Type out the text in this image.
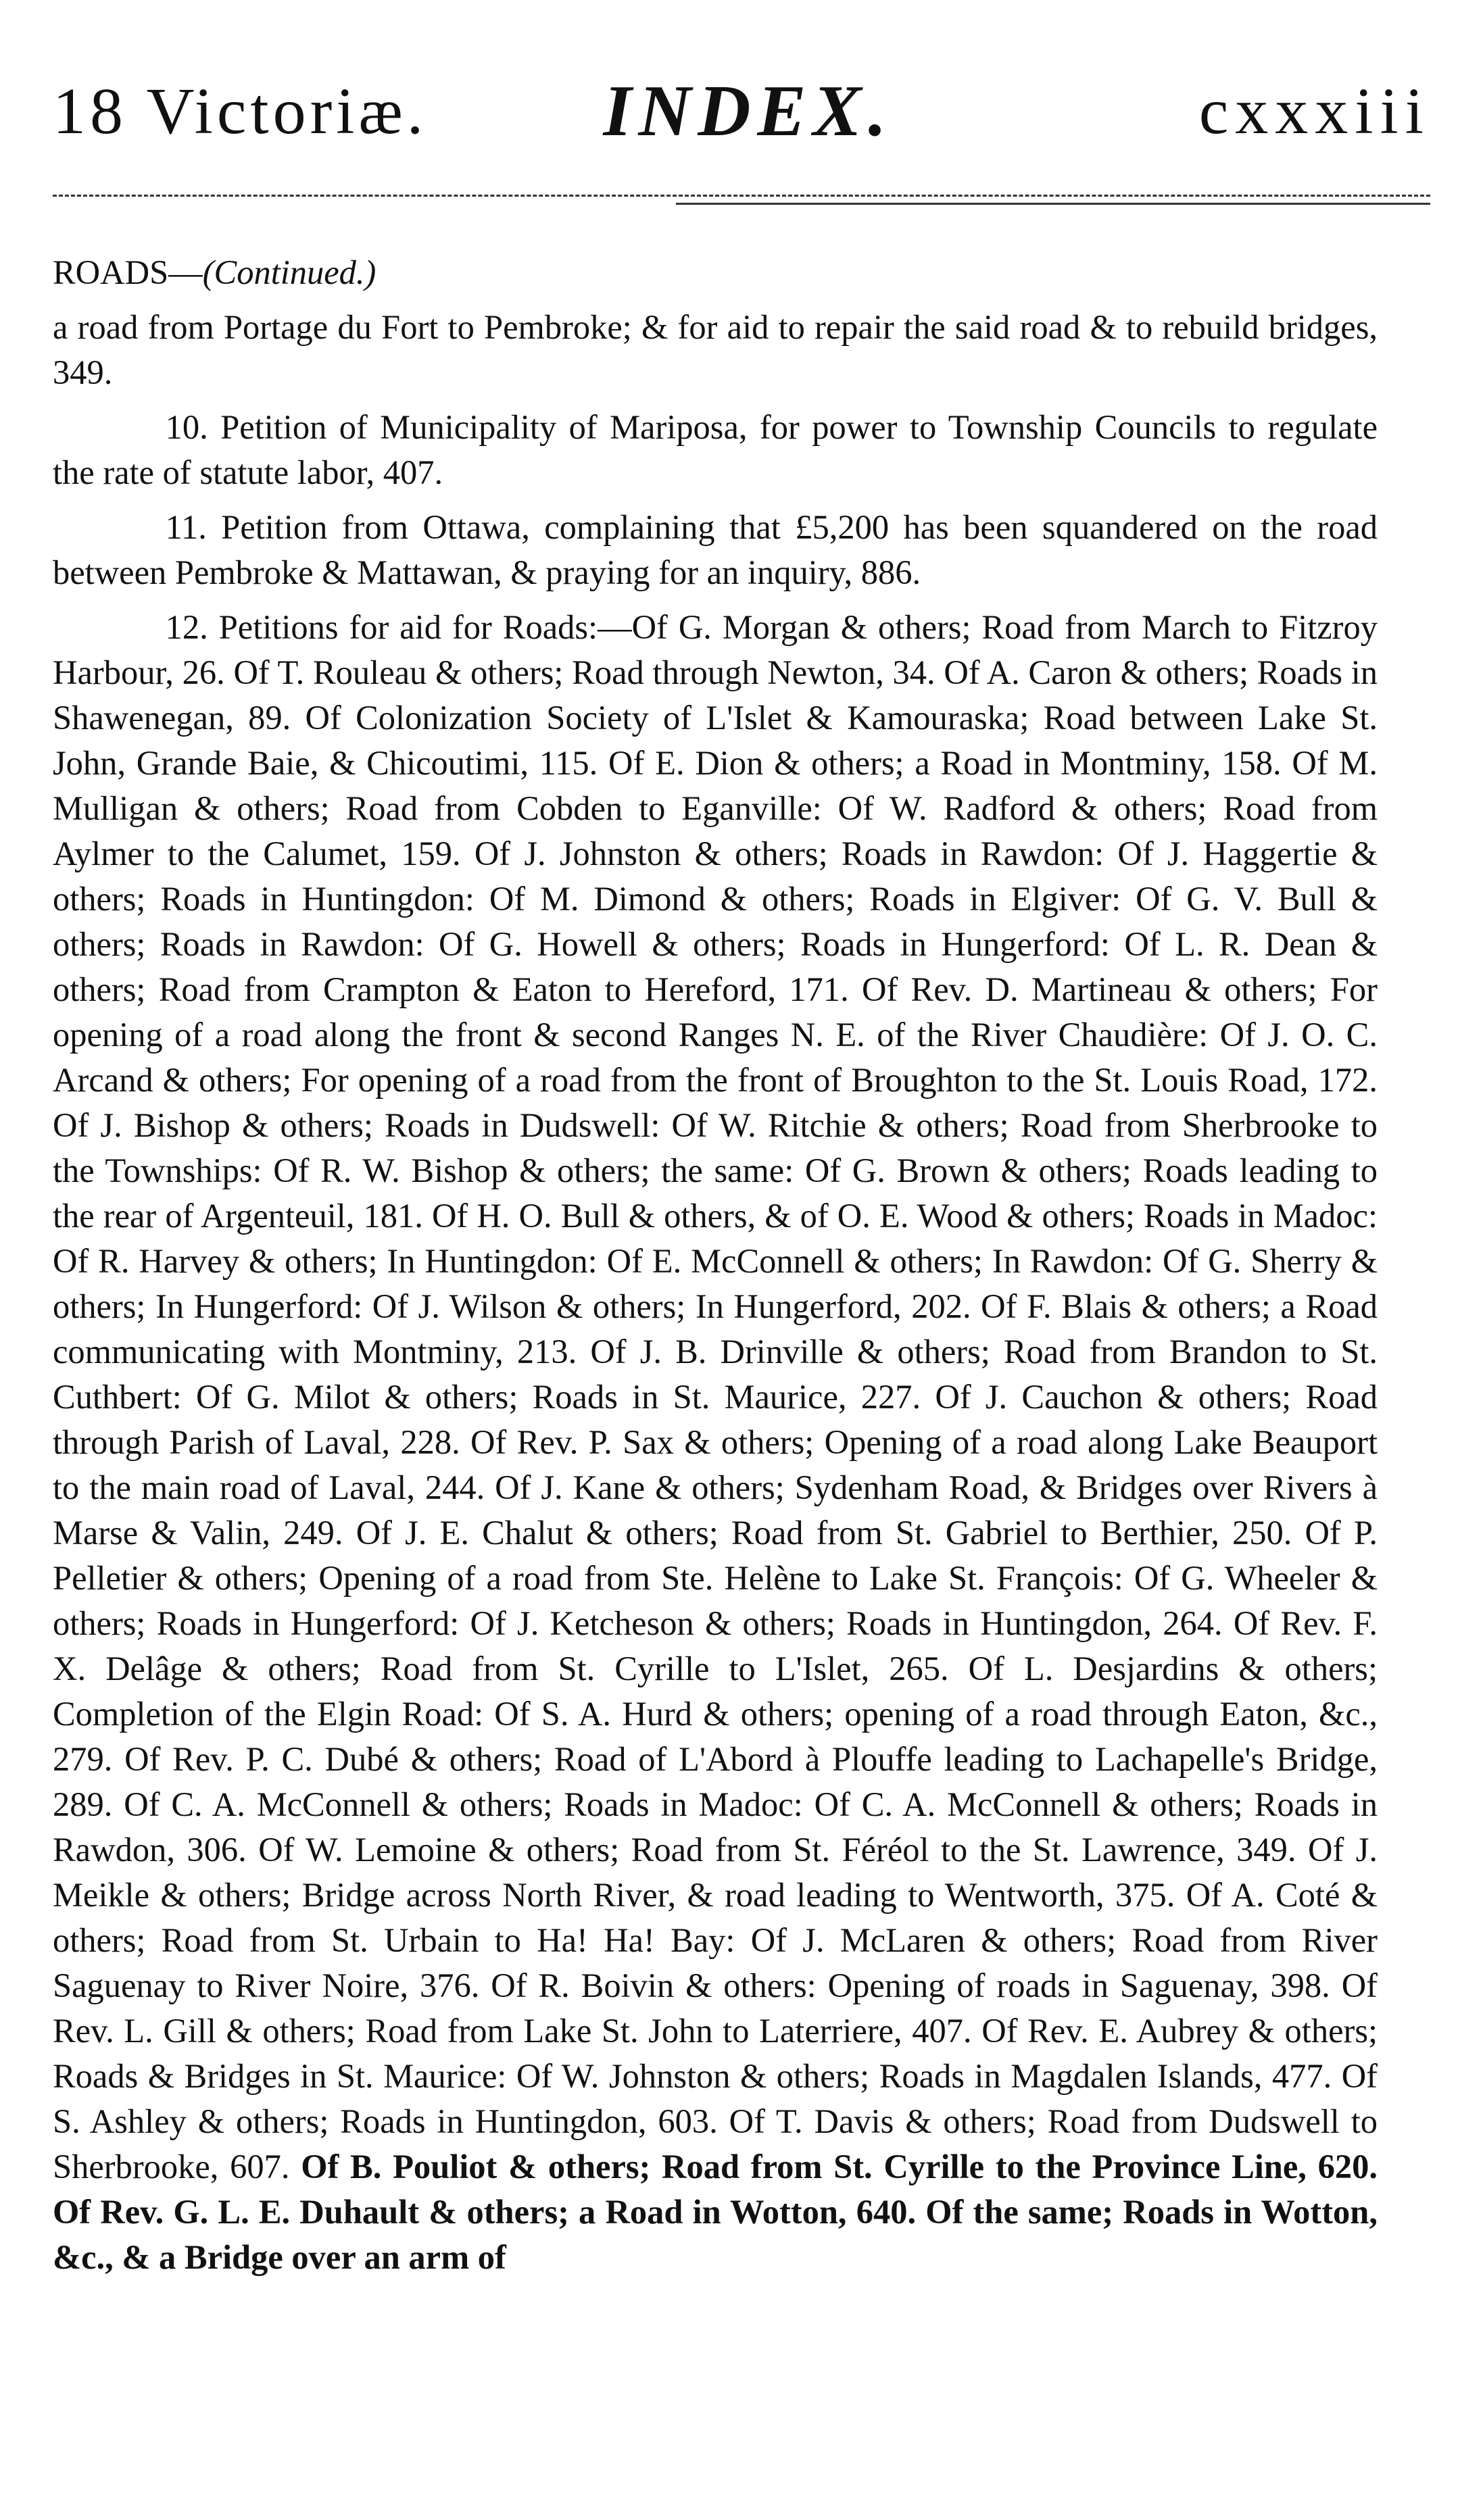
18 Victoriæ.	INDEX.	cxxxiii

ROADS—(Continued.)

a road from Portage du Fort to Pembroke; & for aid to repair the said road & to rebuild bridges, 349.

10. Petition of Municipality of Mariposa, for power to Township Councils to regulate the rate of statute labor, 407.

11. Petition from Ottawa, complaining that £5,200 has been squandered on the road between Pembroke & Mattawan, & praying for an inquiry, 886.

12. Petitions for aid for Roads:—Of G. Morgan & others; Road from March to Fitzroy Harbour, 26. Of T. Rouleau & others; Road through Newton, 34. Of A. Caron & others; Roads in Shawenegan, 89. Of Colonization Society of L'Islet & Kamouraska; Road between Lake St. John, Grande Baie, & Chicoutimi, 115. Of E. Dion & others; a Road in Montminy, 158. Of M. Mulligan & others; Road from Cobden to Eganville: Of W. Radford & others; Road from Aylmer to the Calumet, 159. Of J. Johnston & others; Roads in Rawdon: Of J. Haggertie & others; Roads in Huntingdon: Of M. Dimond & others; Roads in Elgiver: Of G. V. Bull & others; Roads in Rawdon: Of G. Howell & others; Roads in Hungerford: Of L. R. Dean & others; Road from Crampton & Eaton to Hereford, 171. Of Rev. D. Martineau & others; For opening of a road along the front & second Ranges N. E. of the River Chaudière: Of J. O. C. Arcand & others; For opening of a road from the front of Broughton to the St. Louis Road, 172. Of J. Bishop & others; Roads in Dudswell: Of W. Ritchie & others; Road from Sherbrooke to the Townships: Of R. W. Bishop & others; the same: Of G. Brown & others; Roads leading to the rear of Argenteuil, 181. Of H. O. Bull & others, & of O. E. Wood & others; Roads in Madoc: Of R. Harvey & others; In Huntingdon: Of E. McConnell & others; In Rawdon: Of G. Sherry & others; In Hungerford: Of J. Wilson & others; In Hungerford, 202. Of F. Blais & others; a Road communicating with Montminy, 213. Of J. B. Drinville & others; Road from Brandon to St. Cuthbert: Of G. Milot & others; Roads in St. Maurice, 227. Of J. Cauchon & others; Road through Parish of Laval, 228. Of Rev. P. Sax & others; Opening of a road along Lake Beauport to the main road of Laval, 244. Of J. Kane & others; Sydenham Road, & Bridges over Rivers à Marse & Valin, 249. Of J. E. Chalut & others; Road from St. Gabriel to Berthier, 250. Of P. Pelletier & others; Opening of a road from Ste. Helène to Lake St. François: Of G. Wheeler & others; Roads in Hungerford: Of J. Ketcheson & others; Roads in Huntingdon, 264. Of Rev. F. X. Delâge & others; Road from St. Cyrille to L'Islet, 265. Of L. Desjardins & others; Completion of the Elgin Road: Of S. A. Hurd & others; opening of a road through Eaton, &c., 279. Of Rev. P. C. Dubé & others; Road of L'Abord à Plouffe leading to Lachapelle's Bridge, 289. Of C. A. McConnell & others; Roads in Madoc: Of C. A. McConnell & others; Roads in Rawdon, 306. Of W. Lemoine & others; Road from St. Féréol to the St. Lawrence, 349. Of J. Meikle & others; Bridge across North River, & road leading to Wentworth, 375. Of A. Coté & others; Road from St. Urbain to Ha! Ha! Bay: Of J. McLaren & others; Road from River Saguenay to River Noire, 376. Of R. Boivin & others: Opening of roads in Saguenay, 398. Of Rev. L. Gill & others; Road from Lake St. John to Laterriere, 407. Of Rev. E. Aubrey & others; Roads & Bridges in St. Maurice: Of W. Johnston & others; Roads in Magdalen Islands, 477. Of S. Ashley & others; Roads in Huntingdon, 603. Of T. Davis & others; Road from Dudswell to Sherbrooke, 607. Of B. Pouliot & others; Road from St. Cyrille to the Province Line, 620. Of Rev. G. L. E. Duhault & others; a Road in Wotton, 640. Of the same; Roads in Wotton, &c., & a Bridge over an arm of
